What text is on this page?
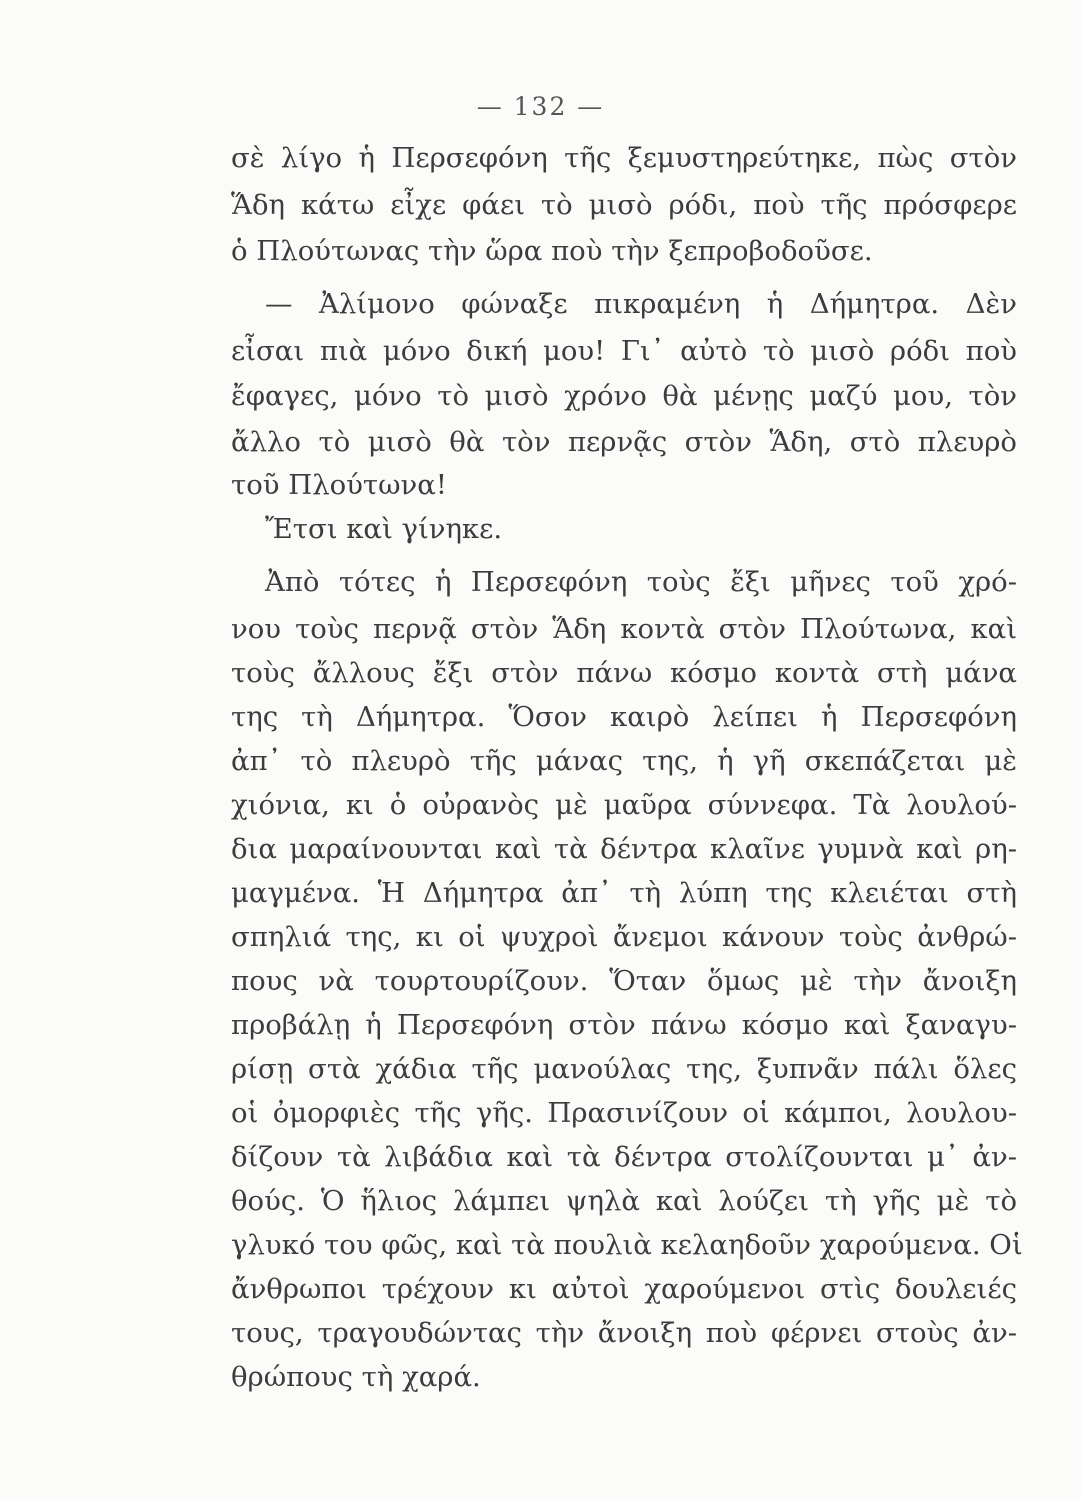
— 132 —
σὲ λίγο ἡ Περσεφόνη τῆς ξεμυστηρεύτηκε, πὼς στὸν
Ἅδη κάτω εἶχε φάει τὸ μισὸ ρόδι, ποὺ τῆς πρόσφερε
ὁ Πλούτωνας τὴν ὥρα ποὺ τὴν ξεπροβοδοῦσε.
— Ἀλίμονο φώναξε πικραμένη ἡ Δήμητρα. Δὲν
εἶσαι πιὰ μόνο δική μου! Γι᾽ αὐτὸ τὸ μισὸ ρόδι ποὺ
ἔφαγες, μόνο τὸ μισὸ χρόνο θὰ μένῃς μαζύ μου, τὸν
ἄλλο τὸ μισὸ θὰ τὸν περνᾷς στὸν Ἅδη, στὸ πλευρὸ
τοῦ Πλούτωνα!
Ἔτσι καὶ γίνηκε.
Ἀπὸ τότες ἡ Περσεφόνη τοὺς ἔξι μῆνες τοῦ χρό-
νου τοὺς περνᾷ στὸν Ἅδη κοντὰ στὸν Πλούτωνα, καὶ
τοὺς ἄλλους ἔξι στὸν πάνω κόσμο κοντὰ στὴ μάνα
της τὴ Δήμητρα. Ὅσον καιρὸ λείπει ἡ Περσεφόνη
ἀπ᾽ τὸ πλευρὸ τῆς μάνας της, ἡ γῆ σκεπάζεται μὲ
χιόνια, κι ὁ οὐρανὸς μὲ μαῦρα σύννεφα. Τὰ λουλού-
δια μαραίνουνται καὶ τὰ δέντρα κλαῖνε γυμνὰ καὶ ρη-
μαγμένα. Ἡ Δήμητρα ἀπ᾽ τὴ λύπη της κλειέται στὴ
σπηλιά της, κι οἱ ψυχροὶ ἄνεμοι κάνουν τοὺς ἀνθρώ-
πους νὰ τουρτουρίζουν. Ὅταν ὅμως μὲ τὴν ἄνοιξη
προβάλῃ ἡ Περσεφόνη στὸν πάνω κόσμο καὶ ξαναγυ-
ρίσῃ στὰ χάδια τῆς μανούλας της, ξυπνᾶν πάλι ὅλες
οἱ ὀμορφιὲς τῆς γῆς. Πρασινίζουν οἱ κάμποι, λουλου-
δίζουν τὰ λιβάδια καὶ τὰ δέντρα στολίζουνται μ᾽ ἀν-
θούς. Ὁ ἥλιος λάμπει ψηλὰ καὶ λούζει τὴ γῆς μὲ τὸ
γλυκό του φῶς, καὶ τὰ πουλιὰ κελαηδοῦν χαρούμενα. Οἱ
ἄνθρωποι τρέχουν κι αὐτοὶ χαρούμενοι στὶς δουλειές
τους, τραγουδώντας τὴν ἄνοιξη ποὺ φέρνει στοὺς ἀν-
θρώπους τὴ χαρά.
